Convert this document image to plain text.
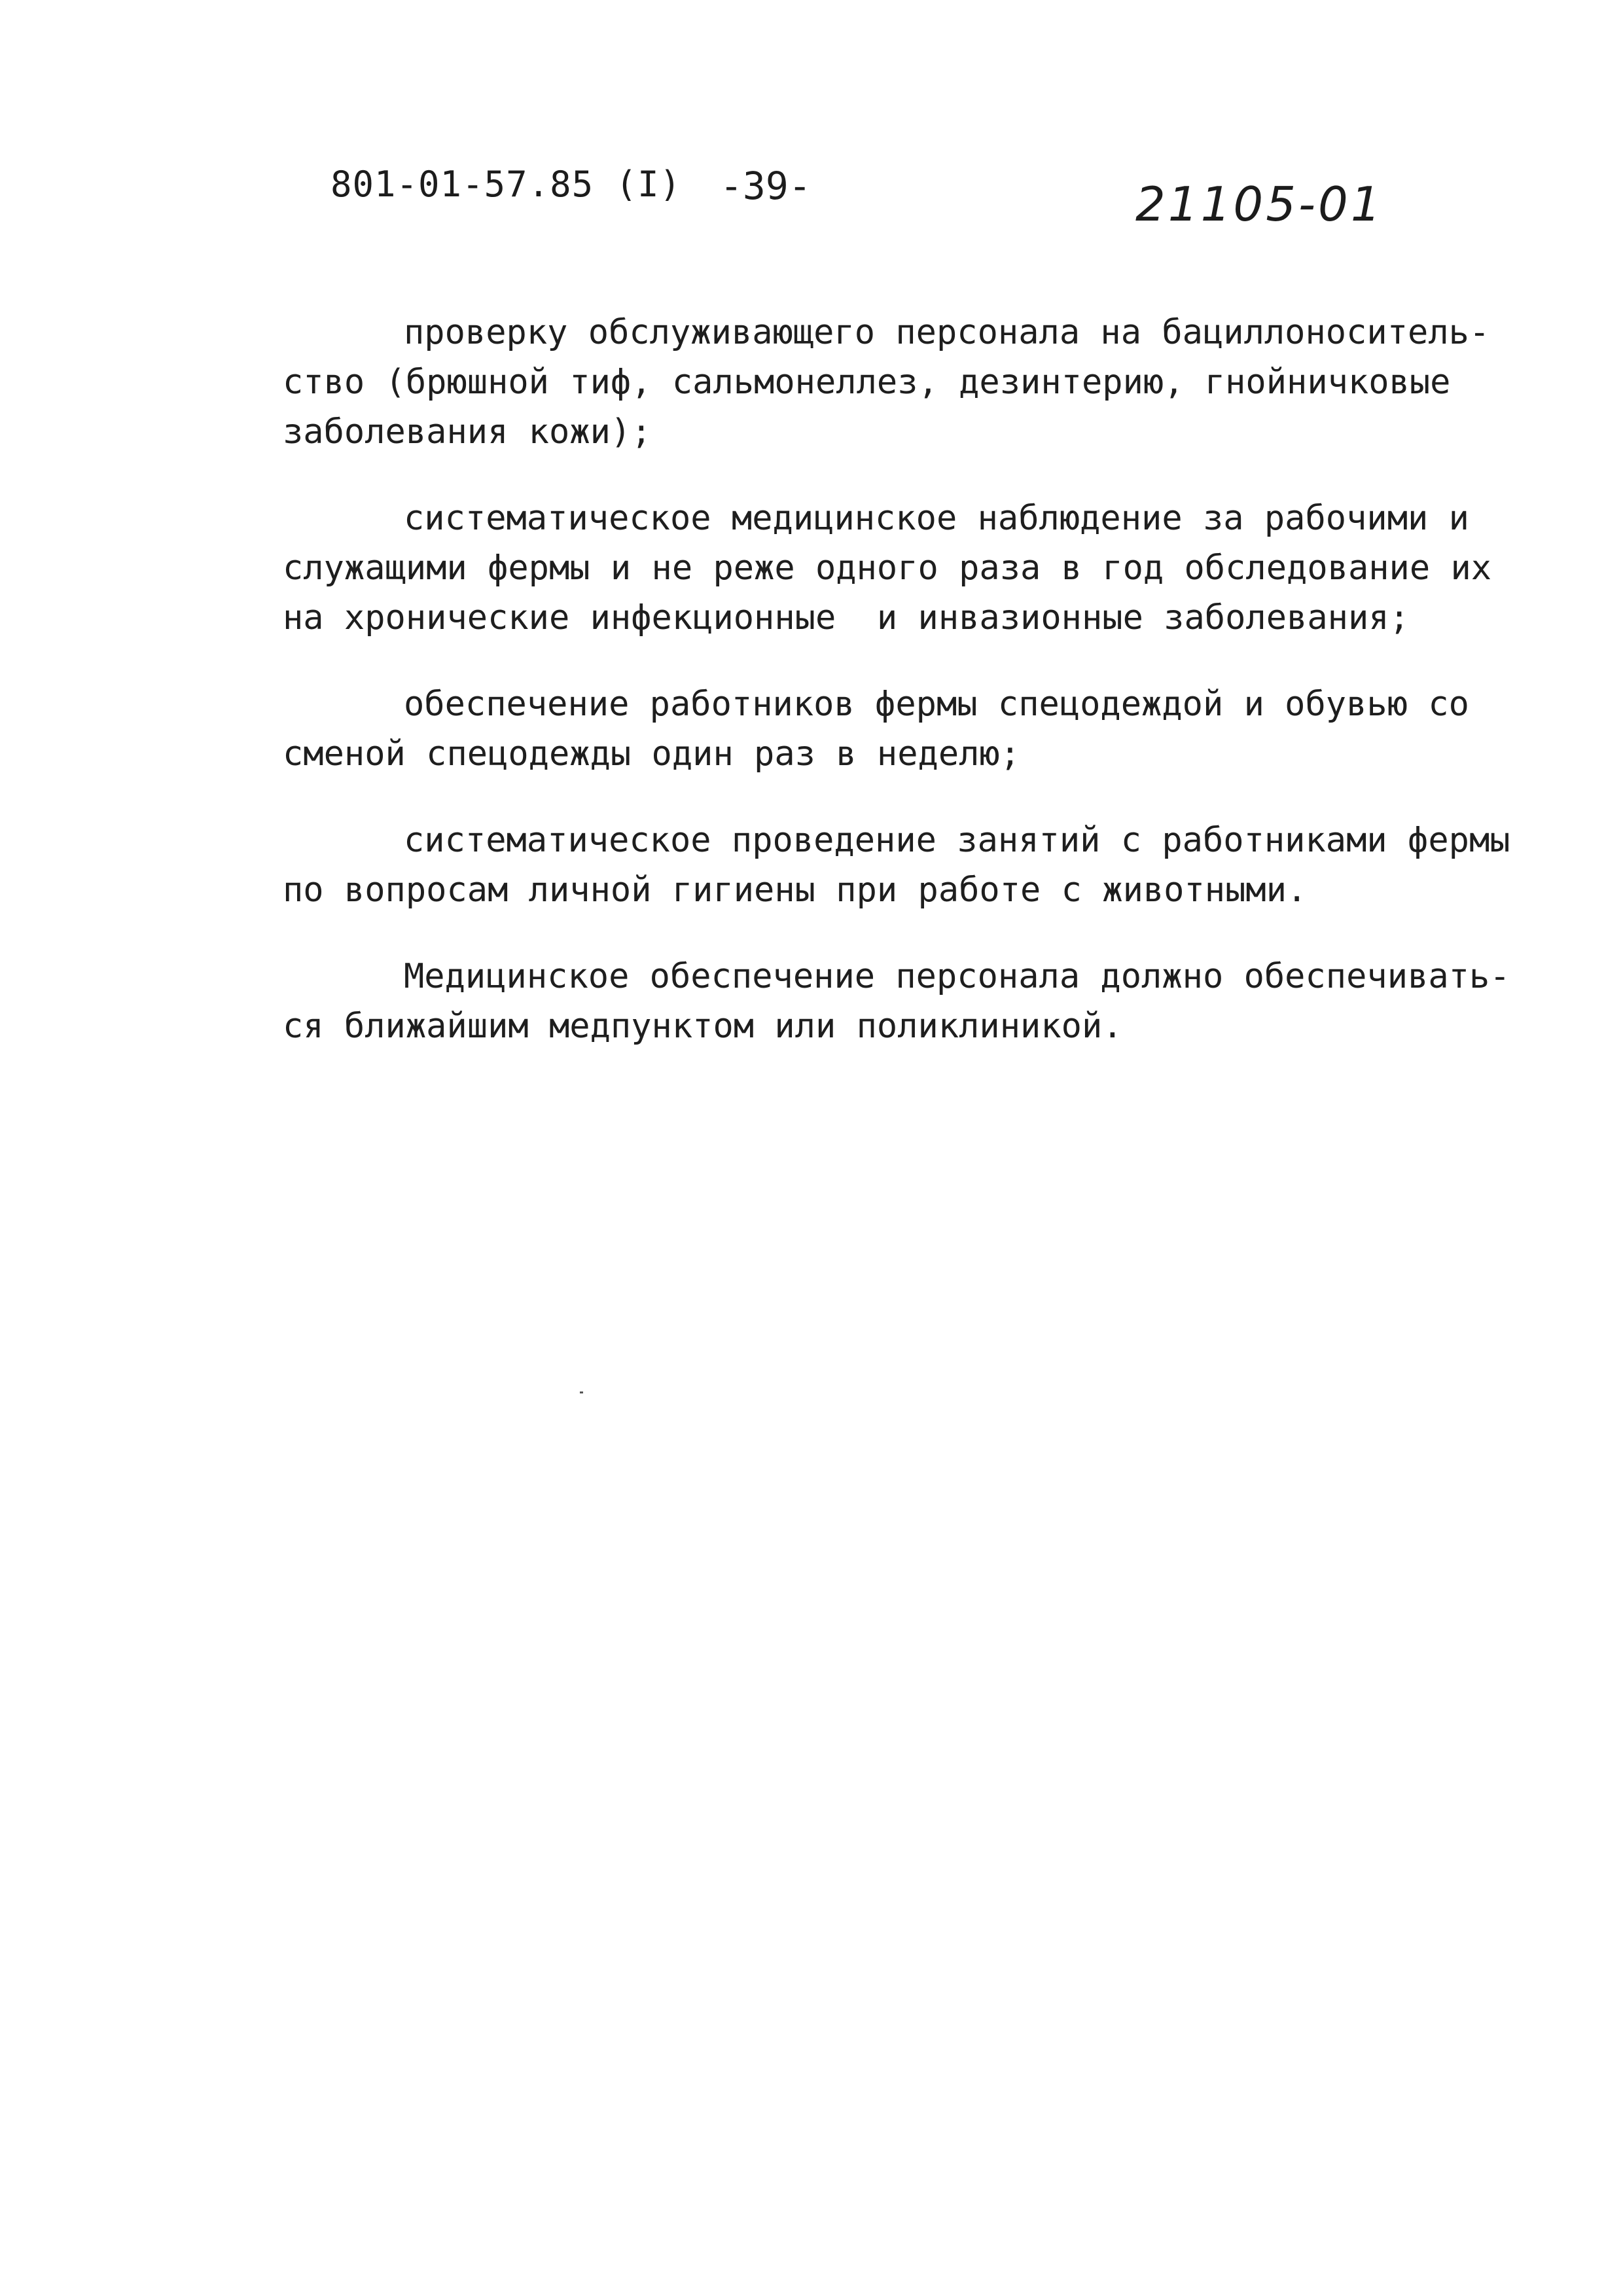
801-01-57.85 (I) -39-	21105-01
проверку обслуживающего персонала на бациллоноситель-
ство (брюшной тиф, сальмонеллез, дезинтерию, гнойничковые
заболевания кожи);
систематическое медицинское наблюдение за рабочими и
служащими фермы и не реже одного раза в год обследование их
на хронические инфекционные  и инвазионные заболевания;
обеспечение работников фермы спецодеждой и обувью со
сменой спецодежды один раз в неделю;
систематическое проведение занятий с работниками фермы
по вопросам личной гигиены при работе с животными.
Медицинское обеспечение персонала должно обеспечивать-
ся ближайшим медпунктом или поликлиникой.
